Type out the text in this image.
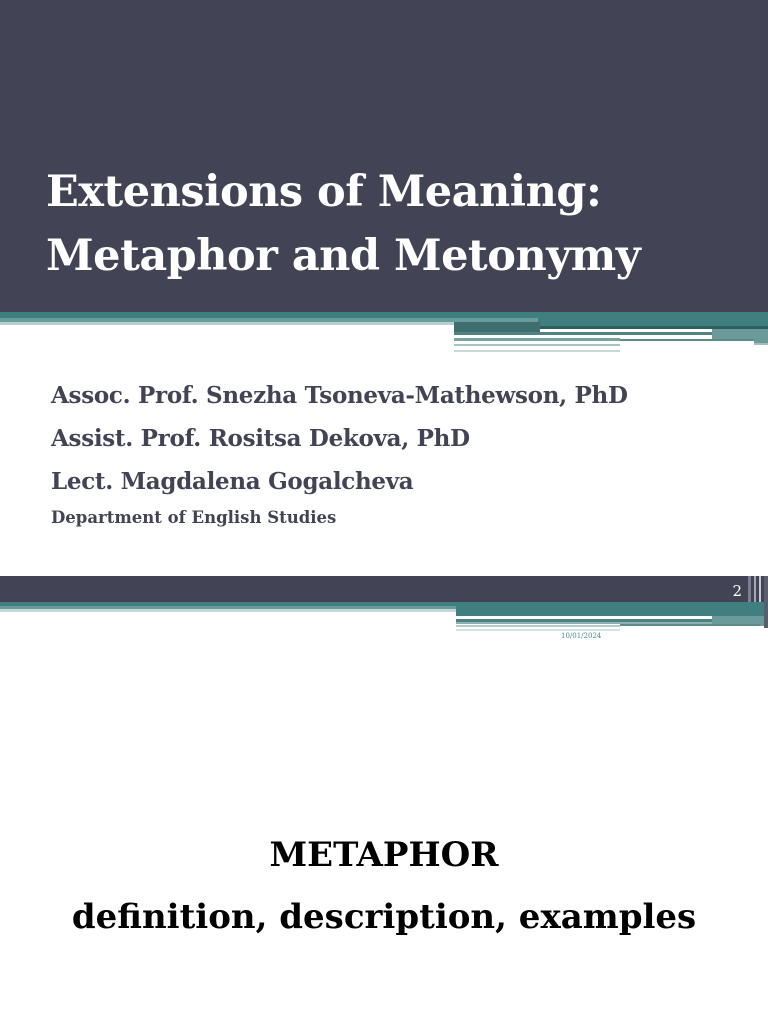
Extensions of Meaning:
Metaphor and Metonymy
Assoc. Prof. Snezha Tsoneva-Mathewson, PhD
Assist. Prof. Rositsa Dekova, PhD
Lect. Magdalena Gogalcheva
Department of English Studies
2
10/01/2024
METAPHOR
definition, description, examples
